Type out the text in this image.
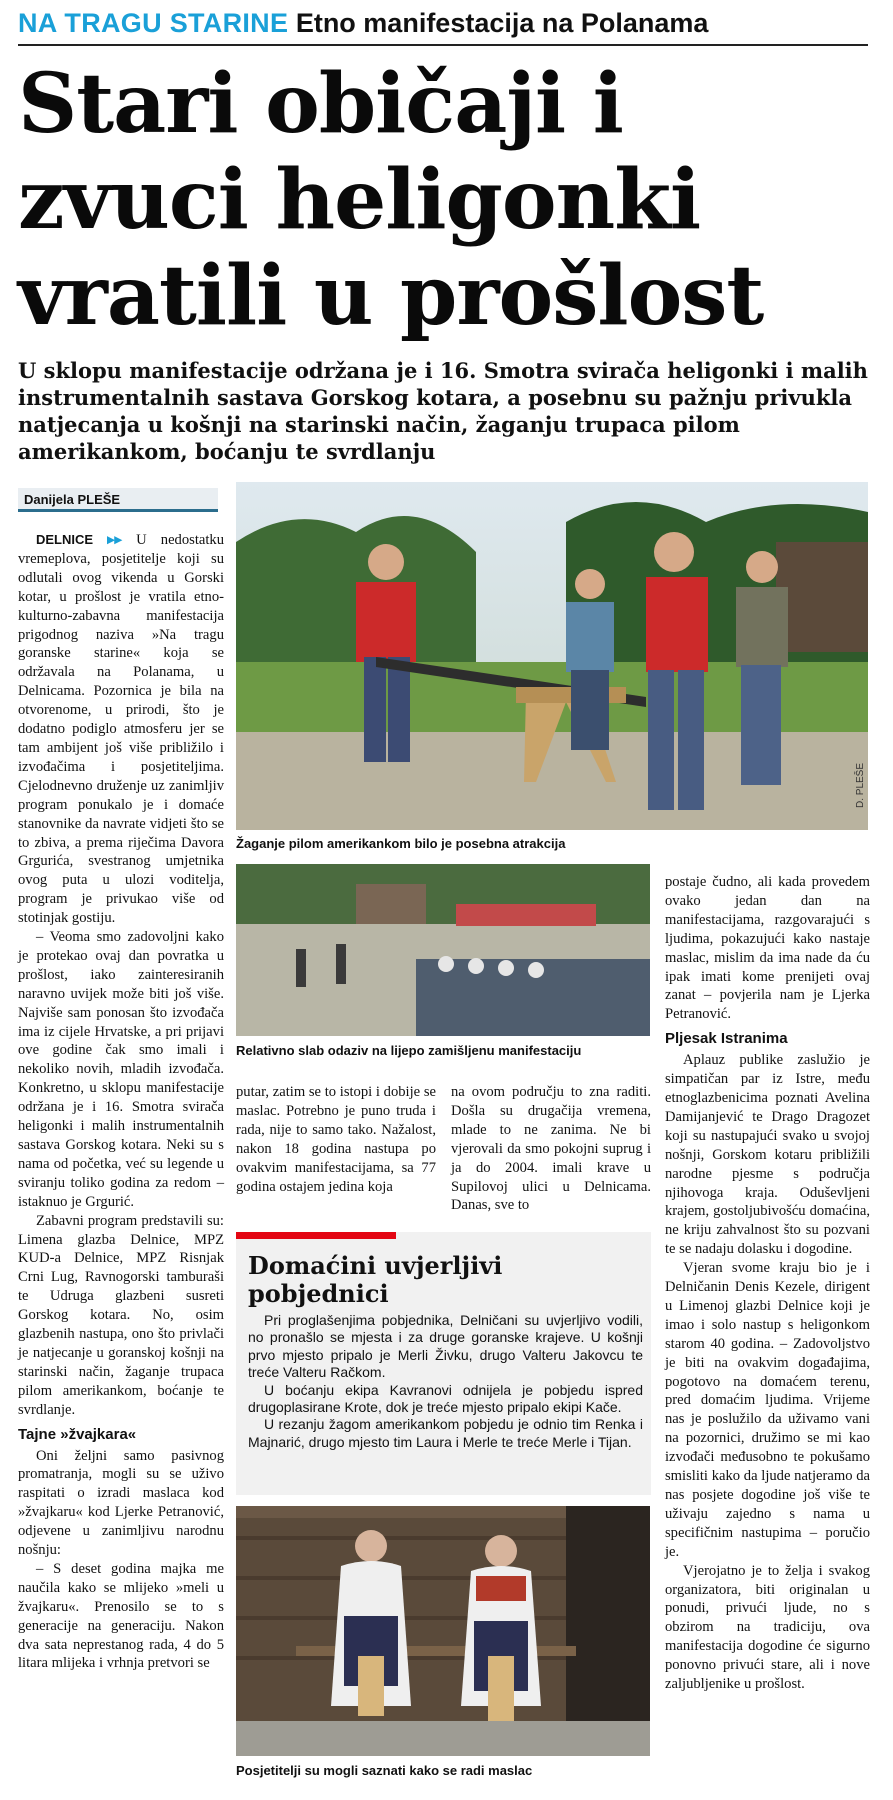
NA TRAGU STARINE Etno manifestacija na Polanama
Stari običaji i
zvuci heligonki
vratili u prošlost
U sklopu manifestacije održana je i 16. Smotra svirača heligonki i malih instrumentalnih sastava Gorskog kotara, a posebnu su pažnju privukla natjecanja u košnji na starinski način, žaganju trupaca pilom amerikankom, boćanju te svrdlanju
Danijela PLEŠE

DELNICE ▸▸ U nedostatku vremeplova, posjetitelje koji su odlutali ovog vikenda u Gorski kotar, u prošlost je vratila etno-kulturno-zabavna manifestacija prigodnog naziva »Na tragu goranske starine« koja se održavala na Polanama, u Delnicama. Pozornica je bila na otvorenome, u prirodi, što je dodatno podiglo atmosferu jer se tam ambijent još više približilo i izvođačima i posjetiteljima. Cjelodnevno druženje uz zanimljiv program ponukalo je i domaće stanovnike da navrate vidjeti što se to zbiva, a prema riječima Davora Grgurića, svestranog umjetnika ovog puta u ulozi voditelja, program je privukao više od stotinjak gostiju.

– Veoma smo zadovoljni kako je protekao ovaj dan povratka u prošlost, iako zainteresiranih naravno uvijek može biti još više. Najviše sam ponosan što izvođača ima iz cijele Hrvatske, a pri prijavi ove godine čak smo imali i nekoliko novih, mladih izvođača. Konkretno, u sklopu manifestacije održana je i 16. Smotra svirača heligonki i malih instrumentalnih sastava Gorskog kotara. Neki su s nama od početka, već su legende u sviranju toliko godina za redom – istaknuo je Grgurić.

Zabavni program predstavili su: Limena glazba Delnice, MPZ KUD-a Delnice, MPZ Risnjak Crni Lug, Ravnogorski tamburaši te Udruga glazbeni susreti Gorskog kotara. No, osim glazbenih nastupa, ono što privlači je natjecanje u goranskoj košnji na starinski način, žaganje trupaca pilom amerikankom, boćanje te svrdlanje.

Tajne »žvajkara«

Oni željni samo pasivnog promatranja, mogli su se uživo raspitati o izradi maslaca kod »žvajkaru« kod Ljerke Petranović, odjevene u zanimljivu narodnu nošnju:

– S deset godina majka me naučila kako se mlijeko »meli u žvajkaru«. Prenosilo se to s generacije na generaciju. Nakon dva sata neprestanog rada, 4 do 5 litara mlijeka i vrhnja pretvori se

D. PLEŠE
Žaganje pilom amerikankom bilo je posebna atrakcija
Relativno slab odaziv na lijepo zamišljenu manifestaciju

putar, zatim se to istopi i dobije se maslac. Potrebno je puno truda i rada, nije to samo tako. Nažalost, nakon 18 godina nastupa po ovakvim manifestacijama, sa 77 godina ostajem jedina koja

na ovom području to zna raditi. Došla su drugačija vremena, mlade to ne zanima. Ne bi vjerovali da smo pokojni suprug i ja do 2004. imali krave u Supilovoj ulici u Delnicama. Danas, sve to

Domaćini uvjerljivi pobjednici

Pri proglašenjima pobjednika, Delničani su uvjerljivo vodili, no pronašlo se mjesta i za druge goranske krajeve. U košnji prvo mjesto pripalo je Merli Živku, drugo Valteru Jakovcu te treće Valteru Račkom.

U boćanju ekipa Kavranovi odnijela je pobjedu ispred drugoplasirane Krote, dok je treće mjesto pripalo ekipi Kače.

U rezanju žagom amerikankom pobjedu je odnio tim Renka i Majnarić, drugo mjesto tim Laura i Merle te treće Merle i Tijan.

Posjetitelji su mogli saznati kako se radi maslac

postaje čudno, ali kada provedem ovako jedan dan na manifestacijama, razgovarajući s ljudima, pokazujući kako nastaje maslac, mislim da ima nade da ću ipak imati kome prenijeti ovaj zanat – povjerila nam je Ljerka Petranović.

Pljesak Istranima

Aplauz publike zaslužio je simpatičan par iz Istre, među etnoglazbenicima poznati Avelina Damijanjević te Drago Dragozet koji su nastupajući svako u svojoj nošnji, Gorskom kotaru približili narodne pjesme s područja njihovoga kraja. Oduševljeni krajem, gostoljubivošću domaćina, ne kriju zahvalnost što su pozvani te se nadaju dolasku i dogodine.

Vjeran svome kraju bio je i Delničanin Denis Kezele, dirigent u Limenoj glazbi Delnice koji je imao i solo nastup s heligonkom starom 40 godina. – Zadovoljstvo je biti na ovakvim događajima, pogotovo na domaćem terenu, pred domaćim ljudima. Vrijeme nas je poslužilo da uživamo vani na pozornici, družimo se mi kao izvođači međusobno te pokušamo smisliti kako da ljude natjeramo da nas posjete dogodine još više te uživaju zajedno s nama u specifičnim nastupima – poručio je.

Vjerojatno je to želja i svakog organizatora, biti originalan u ponudi, privući ljude, no s obzirom na tradiciju, ova manifestacija dogodine će sigurno ponovno privući stare, ali i nove zaljubljenike u prošlost.
